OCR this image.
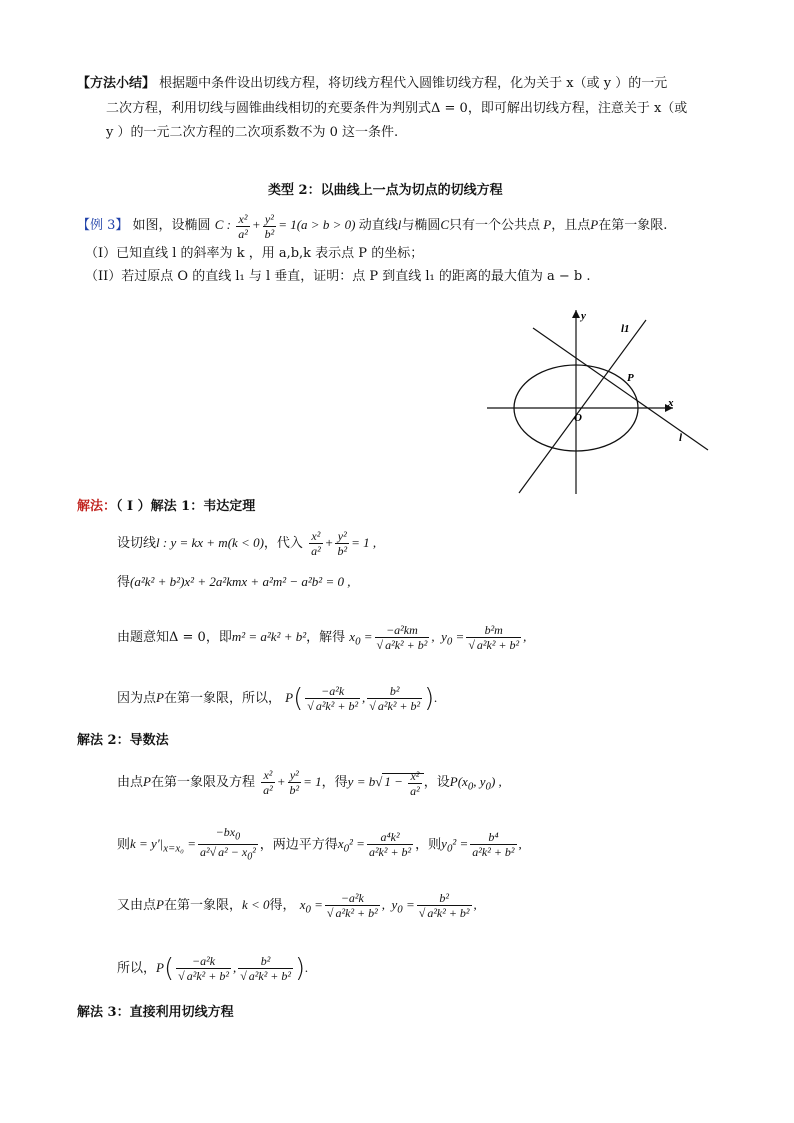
【方法小结】 根据题中条件设出切线方程，将切线方程代入圆锥切线方程，化为关于 x（或 y ）的一元
二次方程，利用切线与圆锥曲线相切的充要条件为判别式Δ = 0，即可解出切线方程，注意关于 x（或
y ）的一元二次方程的二次项系数不为 0 这一条件.
类型 2：以曲线上一点为切点的切线方程
【例 3】 如图，设椭圆 C : $\frac{\text{x²}}{\text{a²}} + \frac{\text{y²}}{\text{b²}} = 1(a > b > 0)$ 动直线l与椭圆C只有一个公共点 P，且点P在第一象限.
（I）已知直线 l 的斜率为 k ，用 a,b,k 表示点 P 的坐标；
（II）若过原点 O 的直线 l₁ 与 l 垂直，证明：点 P 到直线 l₁ 的距离的最大值为 a − b .
y
x
O
P
l1
l
解法：（ I ）解法 1：韦达定理
设切线l : y = kx + m(k < 0)，代入 $\frac{\text{x²}}{\text{a²}} + \frac{\text{y²}}{\text{b²}} = 1$ ,
得(a²k² + b²)x² + 2a²kmx + a²m² − a²b² = 0 ,
由题意知Δ = 0，即m² = a²k² + b²，解得 $x_0 = \frac{\text{−a²km}}{\text{√ a²k² + b²}}$ ,  $y_0 = \frac{\text{b²m}}{\text{√ a²k² + b²}}$ ,
因为点P在第一象限，所以， $P( \frac{\text{−a²k}}{\text{√ a²k² + b²}}$ , $\frac{\text{b²}}{\text{√ a²k² + b²}}$ ).
解法 2：导数法
由点P在第一象限及方程 $\frac{\text{x²}}{\text{a²}} + \frac{\text{y²}}{\text{b²}} = 1$，得y = b√ $1 - \frac{\text{x²}}{\text{a²}}$ ，设$P(x_0$, $y_0$) ,
则$k = y'|_{x=x_0} = \frac{-bx_0}{a^2√ a^2 - x_0^2}$ ，两边平方得$x_0^2 = \frac{\text{a⁴k²}}{\text{a²k² + b²}}$ ，则$y_0^2 = \frac{\text{b⁴}}{\text{a²k² + b²}}$ ,
又由点P在第一象限，k < 0得， $x_0 = \frac{\text{−a²k}}{\text{√ a²k² + b²}}$ ,  $y_0 = \frac{\text{b²}}{\text{√ a²k² + b²}}$ ,
所以，$P( \frac{\text{−a²k}}{\text{√ a²k² + b²}}$ , $\frac{\text{b²}}{\text{√ a²k² + b²}}$ ).
解法 3：直接利用切线方程
